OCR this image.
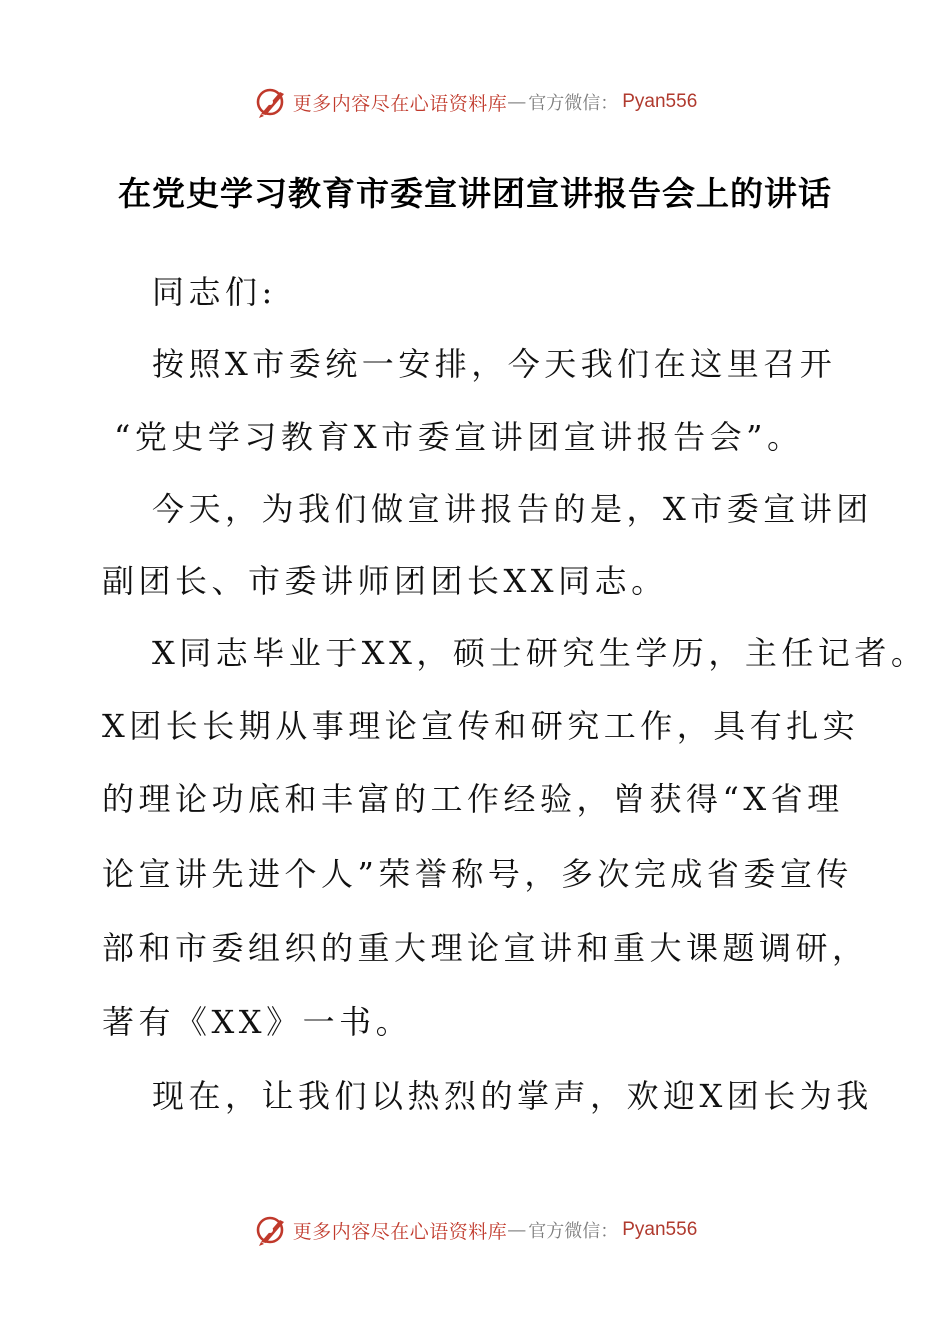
更多内容尽在心语资料库 — 官方微信： Pyan556
在党史学习教育市委宣讲团宣讲报告会上的讲话
同志们:
按照X市委统一安排，今天我们在这里召开
“党史学习教育X市委宣讲团宣讲报告会”。
今天，为我们做宣讲报告的是，X市委宣讲团
副团长、市委讲师团团长XX同志。
X同志毕业于XX，硕士研究生学历，主任记者。
X团长长期从事理论宣传和研究工作，具有扎实
的理论功底和丰富的工作经验，曾获得“X省理
论宣讲先进个人”荣誉称号，多次完成省委宣传
部和市委组织的重大理论宣讲和重大课题调研，
著有《XX》一书。
现在，让我们以热烈的掌声，欢迎X团长为我
更多内容尽在心语资料库 — 官方微信： Pyan556
